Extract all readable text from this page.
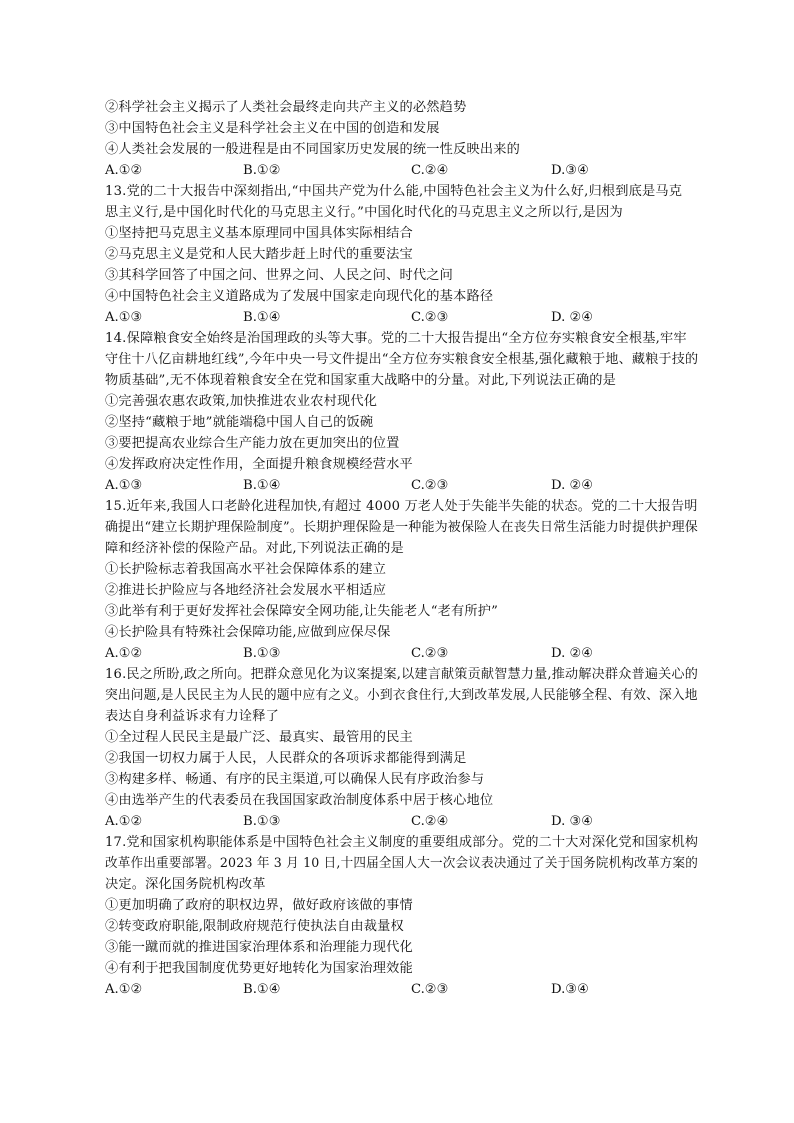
②科学社会主义揭示了人类社会最终走向共产主义的必然趋势
③中国特色社会主义是科学社会主义在中国的创造和发展
④人类社会发展的一般进程是由不同国家历史发展的统一性反映出来的
A.①②	B.①②	C.②④	D.③④
13.党的二十大报告中深刻指出,“中国共产党为什么能,中国特色社会主义为什么好,归根到底是马克
思主义行,是中国化时代化的马克思主义行。”中国化时代化的马克思主义之所以行,是因为
①坚持把马克思主义基本原理同中国具体实际相结合
②马克思主义是党和人民大踏步赶上时代的重要法宝
③其科学回答了中国之问、世界之问、人民之问、时代之问
④中国特色社会主义道路成为了发展中国家走向现代化的基本路径
A.①③	B.①④	C.②③	D. ②④
14.保障粮食安全始终是治国理政的头等大事。党的二十大报告提出“全方位夯实粮食安全根基,牢牢
守住十八亿亩耕地红线”,今年中央一号文件提出“全方位夯实粮食安全根基,强化藏粮于地、藏粮于技的
物质基础”,无不体现着粮食安全在党和国家重大战略中的分量。对此,下列说法正确的是
①完善强农惠农政策,加快推进农业农村现代化
②坚持“藏粮于地”就能端稳中国人自己的饭碗
③要把提高农业综合生产能力放在更加突出的位置
④发挥政府决定性作用，全面提升粮食规模经营水平
A.①③	B.①④	C.②③	D. ②④
15.近年来,我国人口老龄化进程加快,有超过 4000 万老人处于失能半失能的状态。党的二十大报告明
确提出“建立长期护理保险制度”。长期护理保险是一种能为被保险人在丧失日常生活能力时提供护理保
障和经济补偿的保险产品。对此,下列说法正确的是
①长护险标志着我国高水平社会保障体系的建立
②推进长护险应与各地经济社会发展水平相适应
③此举有利于更好发挥社会保障安全网功能,让失能老人“老有所护”
④长护险具有特殊社会保障功能,应做到应保尽保
A.①②	B.①③	C.②③	D. ②④
16.民之所盼,政之所向。把群众意见化为议案提案,以建言献策贡献智慧力量,推动解决群众普遍关心的
突出问题,是人民民主为人民的题中应有之义。小到衣食住行,大到改革发展,人民能够全程、有效、深入地
表达自身利益诉求有力诠释了
①全过程人民民主是最广泛、最真实、最管用的民主
②我国一切权力属于人民，人民群众的各项诉求都能得到满足
③构建多样、畅通、有序的民主渠道,可以确保人民有序政治参与
④由选举产生的代表委员在我国国家政治制度体系中居于核心地位
A.①②	B.①③	C.②④	D. ③④
17.党和国家机构职能体系是中国特色社会主义制度的重要组成部分。党的二十大对深化党和国家机构
改革作出重要部署。2023 年 3 月 10 日,十四届全国人大一次会议表决通过了关于国务院机构改革方案的
决定。深化国务院机构改革
①更加明确了政府的职权边界，做好政府该做的事情
②转变政府职能,限制政府规范行使执法自由裁量权
③能一蹴而就的推进国家治理体系和治理能力现代化
④有利于把我国制度优势更好地转化为国家治理效能
A.①②	B.①④	C.②③	D.③④
